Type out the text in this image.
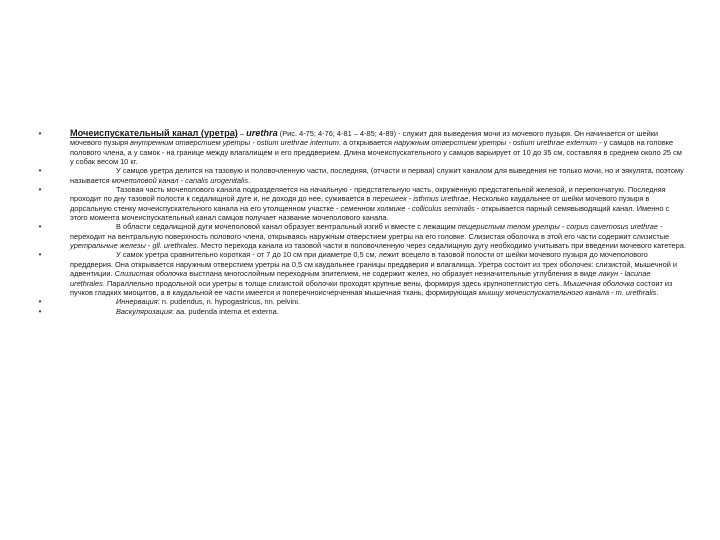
•	Мочеиспускательный канал (уретра) – urethra (Рис. 4-75; 4-76; 4-81 – 4-85; 4-89) - служит для выведения мочи из мочевого пузыря. Он начинается от шейки мочевого пузыря внутренним отверстием уретры - ostium urethrae internum, а открывается наружным отверстием уретры - ostium urethrae externum - у самцов на головке полового члена, а у самок - на границе между влагалищем и его преддверием. Длина мочеиспускательного у самцов варьирует от 10 до 35 см, составляя в среднем около 25 см у собак весом 10 кг.

•	У самцов уретра делится на тазовую и половочленную части, последняя, (отчасти и первая) служит каналом для выведения не только мочи, но и эякулята, поэтому называется мочеполовой канал - canalis urogenitalis.

•	Тазовая часть мочеполового канала подразделяется на начальную - предстательную часть, окруженную предстательной железой, и перепончатую. Последняя проходит по дну тазовой полости к седалищной дуге и, не доходя до нее, суживается в перешеек - isthmus urethrae. Несколько каудальнее от шейки мочевого пузыря в дорсальную стенку мочеиспускательного канала на его утолщенном участке - семенном холмике - colliculus seminalis - открывается парный семявыводящий канал. Именно с этого момента мочеиспускательный канал самцов получает название мочеполового канала.

•	В области седалищной дуги мочеполовой канал образует вентральный изгиб и вместе с лежащим пещеристым телом уретры - corpus cavernosus urethrae - переходит на вентральную поверхность полового члена, открываясь наружным отверстием уретры на его головке. Слизистая оболочка в этой его части содержит слизистые уретральные железы - gll. urethrales. Место перехода канала из тазовой части в половочленную через седалищную дугу необходимо учитывать при введении мочевого катетера.

•	У самок уретра сравнительно короткая - от 7 до 10 см при диаметре 0,5 см, лежит всецело в тазовой полости от шейки мочевого пузыря до мочеполового преддверия. Она открывается наружным отверстием уретры на 0,5 см каудальнее границы преддверия и влагалища. Уретра состоит из трех оболочек: слизистой, мышечной и адвентиции. Слизистая оболочка выстлана многослойным переходным эпителием, не содержит желез, но образует незначительные углубления в виде лакун - lacunae urethrales. Параллельно продольной оси уретры в толще слизистой оболочки проходят крупные вены, формируя здесь крупнопетлистую сеть. Мышечная оболочка состоит из пучков гладких миоцитов, а в каудальной ее части имеется и поперечноисчерченная мышечная ткань, формирующая мышцу мочеиспускательного канала - m. urethralis.

•	Иннервация: n. pudendus, n. hypogastricus, nn. pelvini.

•	Васкуляризация: aa. pudenda interna et externa.
